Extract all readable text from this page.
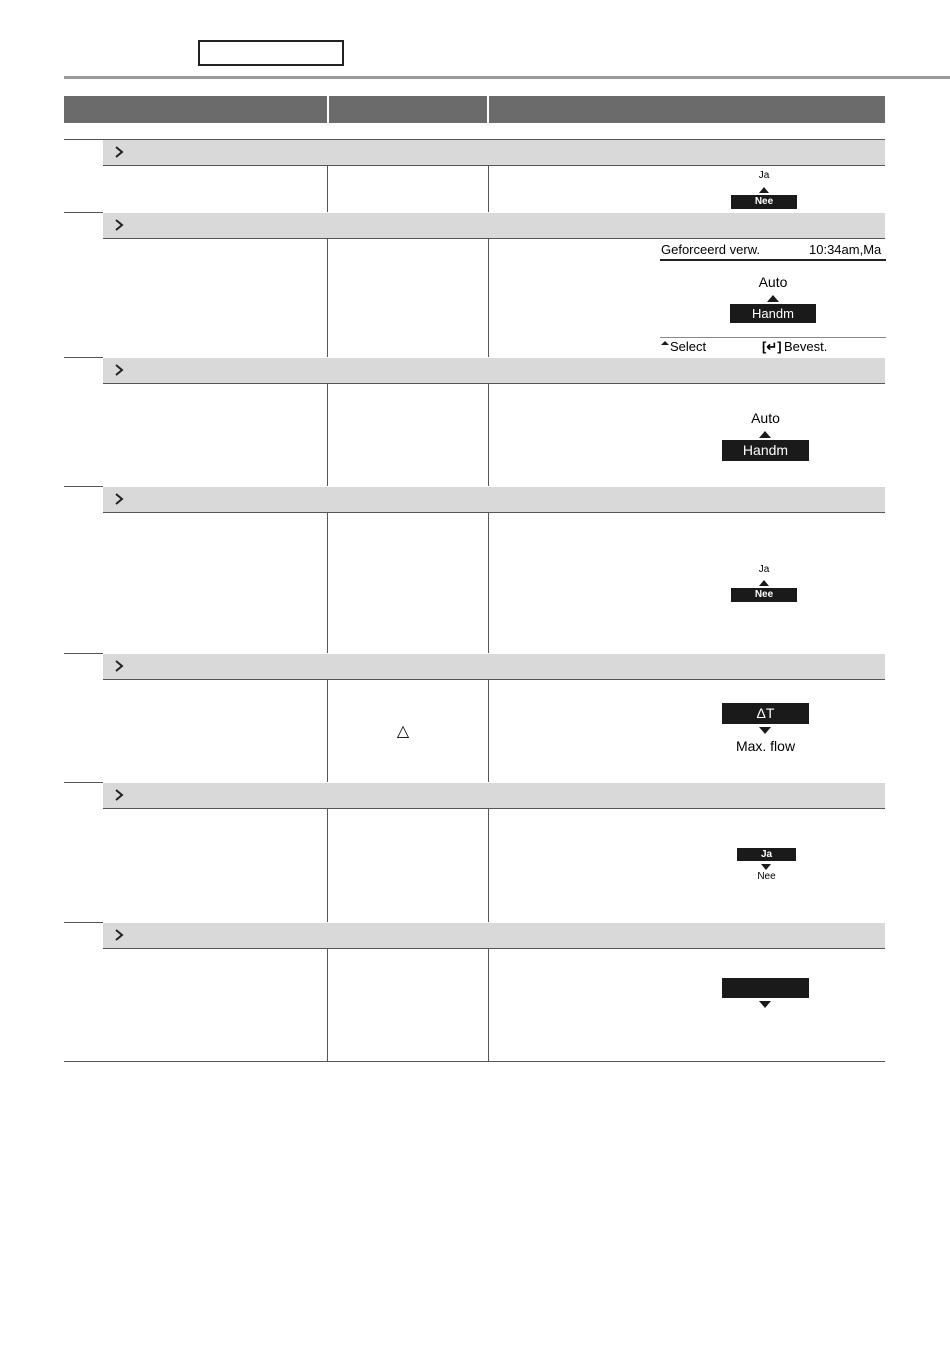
Ja
Nee
Geforceerd verw.	10:34am,Ma
Auto
Handm
Select	[↵] Bevest.
Auto
Handm
Ja
Nee
△
ΔT
Max. flow
Ja
Nee
